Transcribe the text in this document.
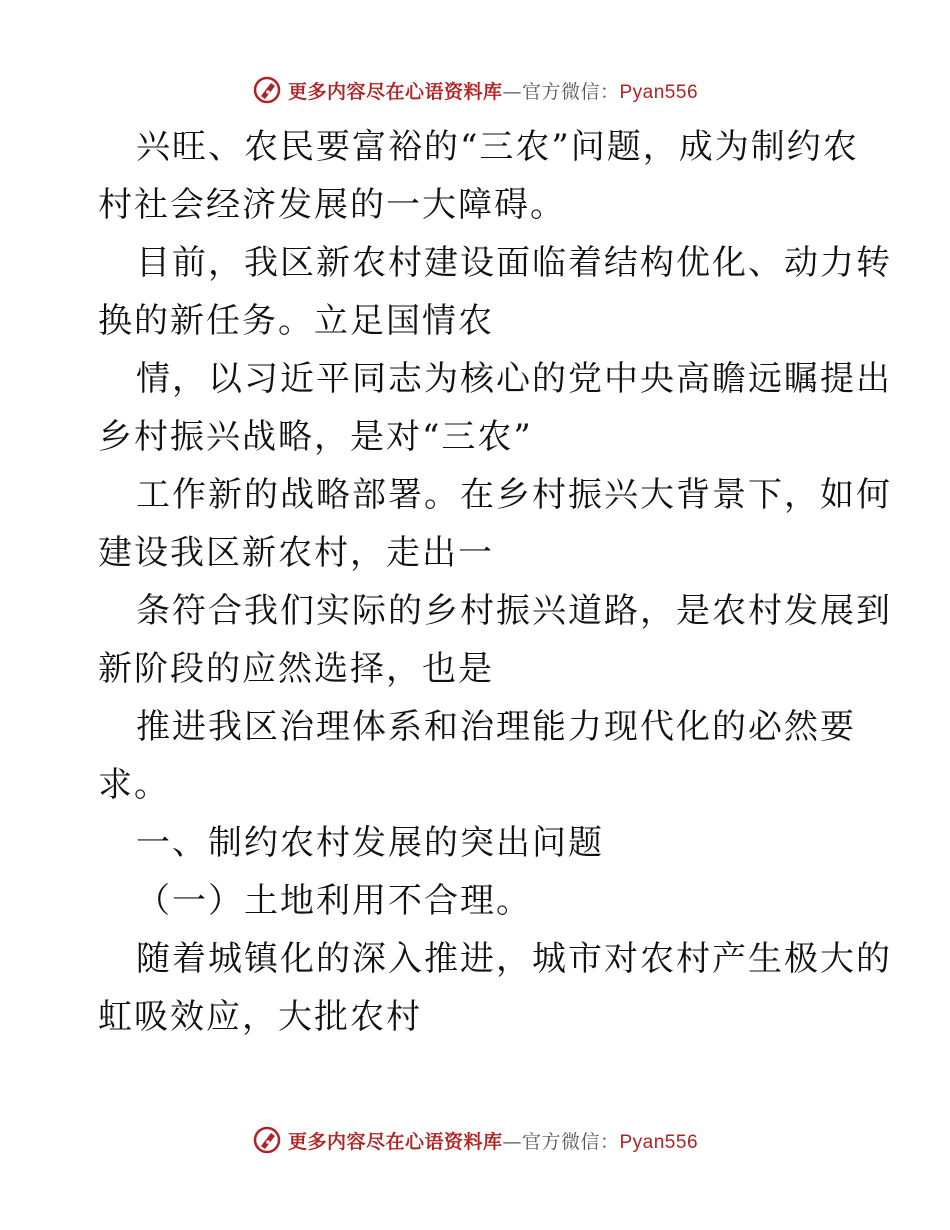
更多内容尽在心语资料库—官方微信：Pyan556
兴旺、农民要富裕的“三农”问题，成为制约农
村社会经济发展的一大障碍。
目前，我区新农村建设面临着结构优化、动力转
换的新任务。立足国情农
情，以习近平同志为核心的党中央高瞻远瞩提出
乡村振兴战略，是对“三农”
工作新的战略部署。在乡村振兴大背景下，如何
建设我区新农村，走出一
条符合我们实际的乡村振兴道路，是农村发展到
新阶段的应然选择，也是
推进我区治理体系和治理能力现代化的必然要
求。
一、制约农村发展的突出问题
（一）土地利用不合理。
随着城镇化的深入推进，城市对农村产生极大的
虹吸效应，大批农村
更多内容尽在心语资料库—官方微信：Pyan556
